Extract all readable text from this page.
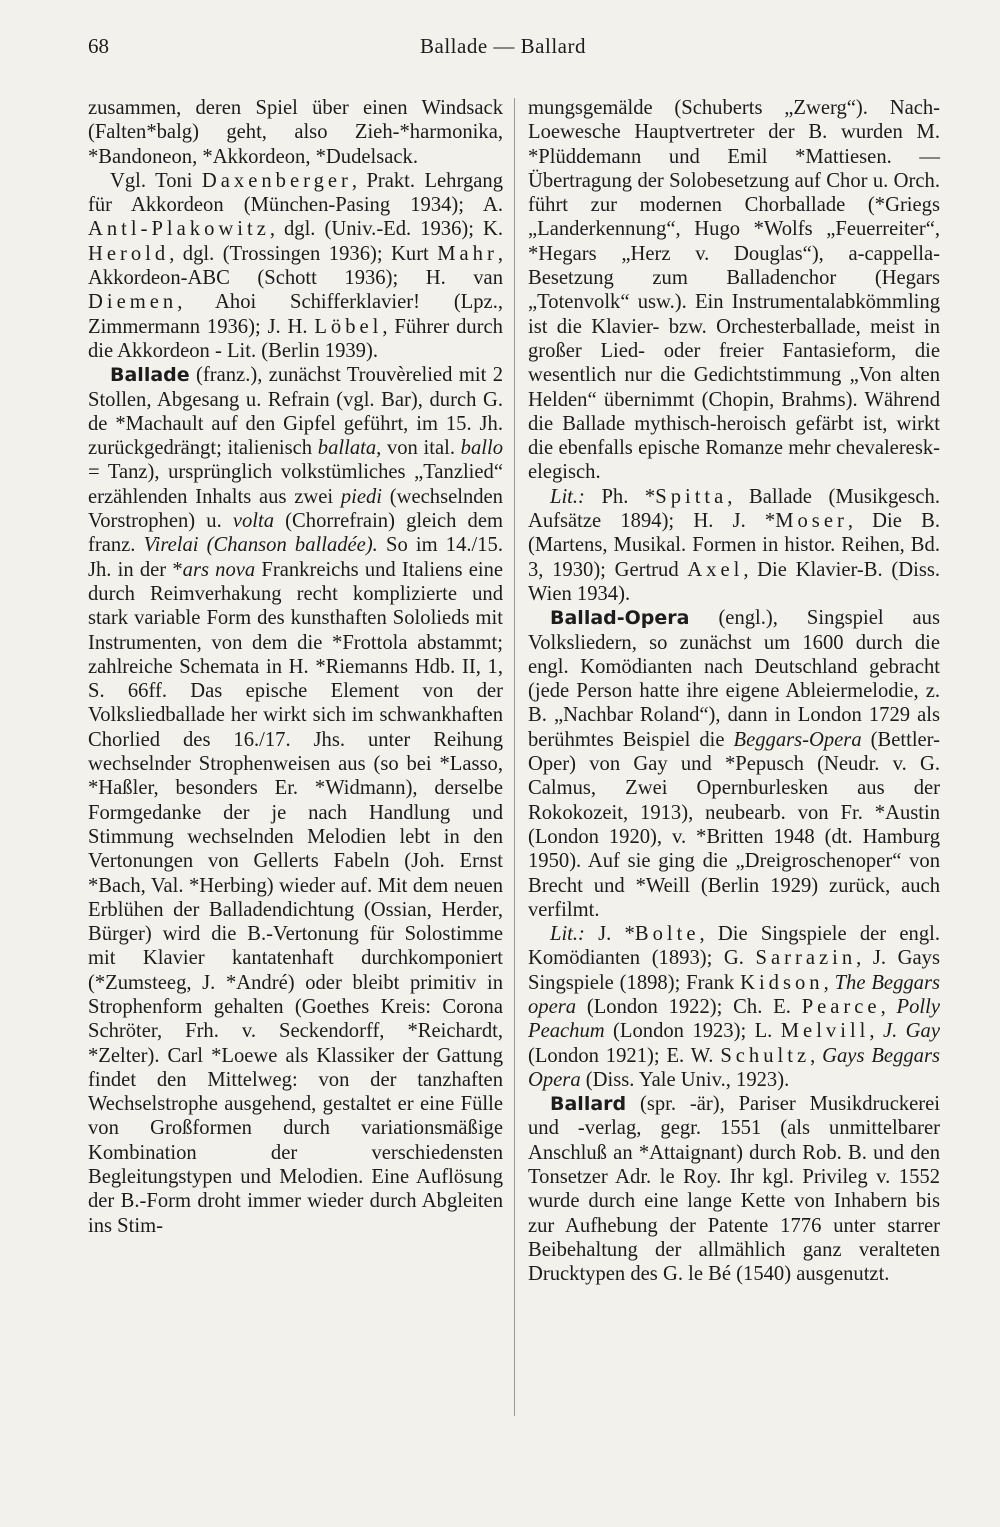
68	Ballade — Ballard

zusammen, deren Spiel über einen Windsack (Falten*balg) geht, also Zieh-*harmonika, *Bandoneon, *Akkordeon, *Dudelsack.

Vgl. Toni Daxenberger, Prakt. Lehrgang für Akkordeon (München-Pasing 1934); A. Antl-Plakowitz, dgl. (Univ.-Ed. 1936); K. Herold, dgl. (Trossingen 1936); Kurt Mahr, Akkordeon-ABC (Schott 1936); H. van Diemen, Ahoi Schifferklavier! (Lpz., Zimmermann 1936); J. H. Löbel, Führer durch die Akkordeon - Lit. (Berlin 1939).

Ballade (franz.), zunächst Trouvèrelied mit 2 Stollen, Abgesang u. Refrain (vgl. Bar), durch G. de *Machault auf den Gipfel geführt, im 15. Jh. zurückgedrängt; italienisch ballata, von ital. ballo = Tanz), ursprünglich volkstümliches „Tanzlied“ erzählenden Inhalts aus zwei piedi (wechselnden Vorstrophen) u. volta (Chorrefrain) gleich dem franz. Virelai (Chanson balladée). So im 14./15. Jh. in der *ars nova Frankreichs und Italiens eine durch Reimverhakung recht komplizierte und stark variable Form des kunsthaften Sololieds mit Instrumenten, von dem die *Frottola abstammt; zahlreiche Schemata in H. *Riemanns Hdb. II, 1, S. 66ff. Das epische Element von der Volksliedballade her wirkt sich im schwankhaften Chorlied des 16./17. Jhs. unter Reihung wechselnder Strophenweisen aus (so bei *Lasso, *Haßler, besonders Er. *Widmann), derselbe Formgedanke der je nach Handlung und Stimmung wechselnden Melodien lebt in den Vertonungen von Gellerts Fabeln (Joh. Ernst *Bach, Val. *Herbing) wieder auf. Mit dem neuen Erblühen der Balladendichtung (Ossian, Herder, Bürger) wird die B.-Vertonung für Solostimme mit Klavier kantatenhaft durchkomponiert (*Zumsteeg, J. *André) oder bleibt primitiv in Strophenform gehalten (Goethes Kreis: Corona Schröter, Frh. v. Seckendorff, *Reichardt, *Zelter). Carl *Loewe als Klassiker der Gattung findet den Mittelweg: von der tanzhaften Wechselstrophe ausgehend, gestaltet er eine Fülle von Großformen durch variationsmäßige Kombination der verschiedensten Begleitungstypen und Melodien. Eine Auflösung der B.-Form droht immer wieder durch Abgleiten ins Stim-

mungsgemälde (Schuberts „Zwerg“). Nach-Loewesche Hauptvertreter der B. wurden M. *Plüddemann und Emil *Mattiesen. — Übertragung der Solobesetzung auf Chor u. Orch. führt zur modernen Chorballade (*Griegs „Landerkennung“, Hugo *Wolfs „Feuerreiter“, *Hegars „Herz v. Douglas“), a-cappella-Besetzung zum Balladenchor (Hegars „Totenvolk“ usw.). Ein Instrumentalabkömmling ist die Klavier- bzw. Orchesterballade, meist in großer Lied- oder freier Fantasieform, die wesentlich nur die Gedichtstimmung „Von alten Helden“ übernimmt (Chopin, Brahms). Während die Ballade mythisch-heroisch gefärbt ist, wirkt die ebenfalls epische Romanze mehr chevaleresk-elegisch.

Lit.: Ph. *Spitta, Ballade (Musikgesch. Aufsätze 1894); H. J. *Moser, Die B. (Martens, Musikal. Formen in histor. Reihen, Bd. 3, 1930); Gertrud Axel, Die Klavier-B. (Diss. Wien 1934).

Ballad-Opera (engl.), Singspiel aus Volksliedern, so zunächst um 1600 durch die engl. Komödianten nach Deutschland gebracht (jede Person hatte ihre eigene Ableiermelodie, z. B. „Nachbar Roland“), dann in London 1729 als berühmtes Beispiel die Beggars-Opera (Bettler-Oper) von Gay und *Pepusch (Neudr. v. G. Calmus, Zwei Opernburlesken aus der Rokokozeit, 1913), neubearb. von Fr. *Austin (London 1920), v. *Britten 1948 (dt. Hamburg 1950). Auf sie ging die „Dreigroschenoper“ von Brecht und *Weill (Berlin 1929) zurück, auch verfilmt.

Lit.: J. *Bolte, Die Singspiele der engl. Komödianten (1893); G. Sarrazin, J. Gays Singspiele (1898); Frank Kidson, The Beggars opera (London 1922); Ch. E. Pearce, Polly Peachum (London 1923); L. Melvill, J. Gay (London 1921); E. W. Schultz, Gays Beggars Opera (Diss. Yale Univ., 1923).

Ballard (spr. -är), Pariser Musikdruckerei und -verlag, gegr. 1551 (als unmittelbarer Anschluß an *Attaignant) durch Rob. B. und den Tonsetzer Adr. le Roy. Ihr kgl. Privileg v. 1552 wurde durch eine lange Kette von Inhabern bis zur Aufhebung der Patente 1776 unter starrer Beibehaltung der allmählich ganz veralteten Drucktypen des G. le Bé (1540) ausgenutzt.
